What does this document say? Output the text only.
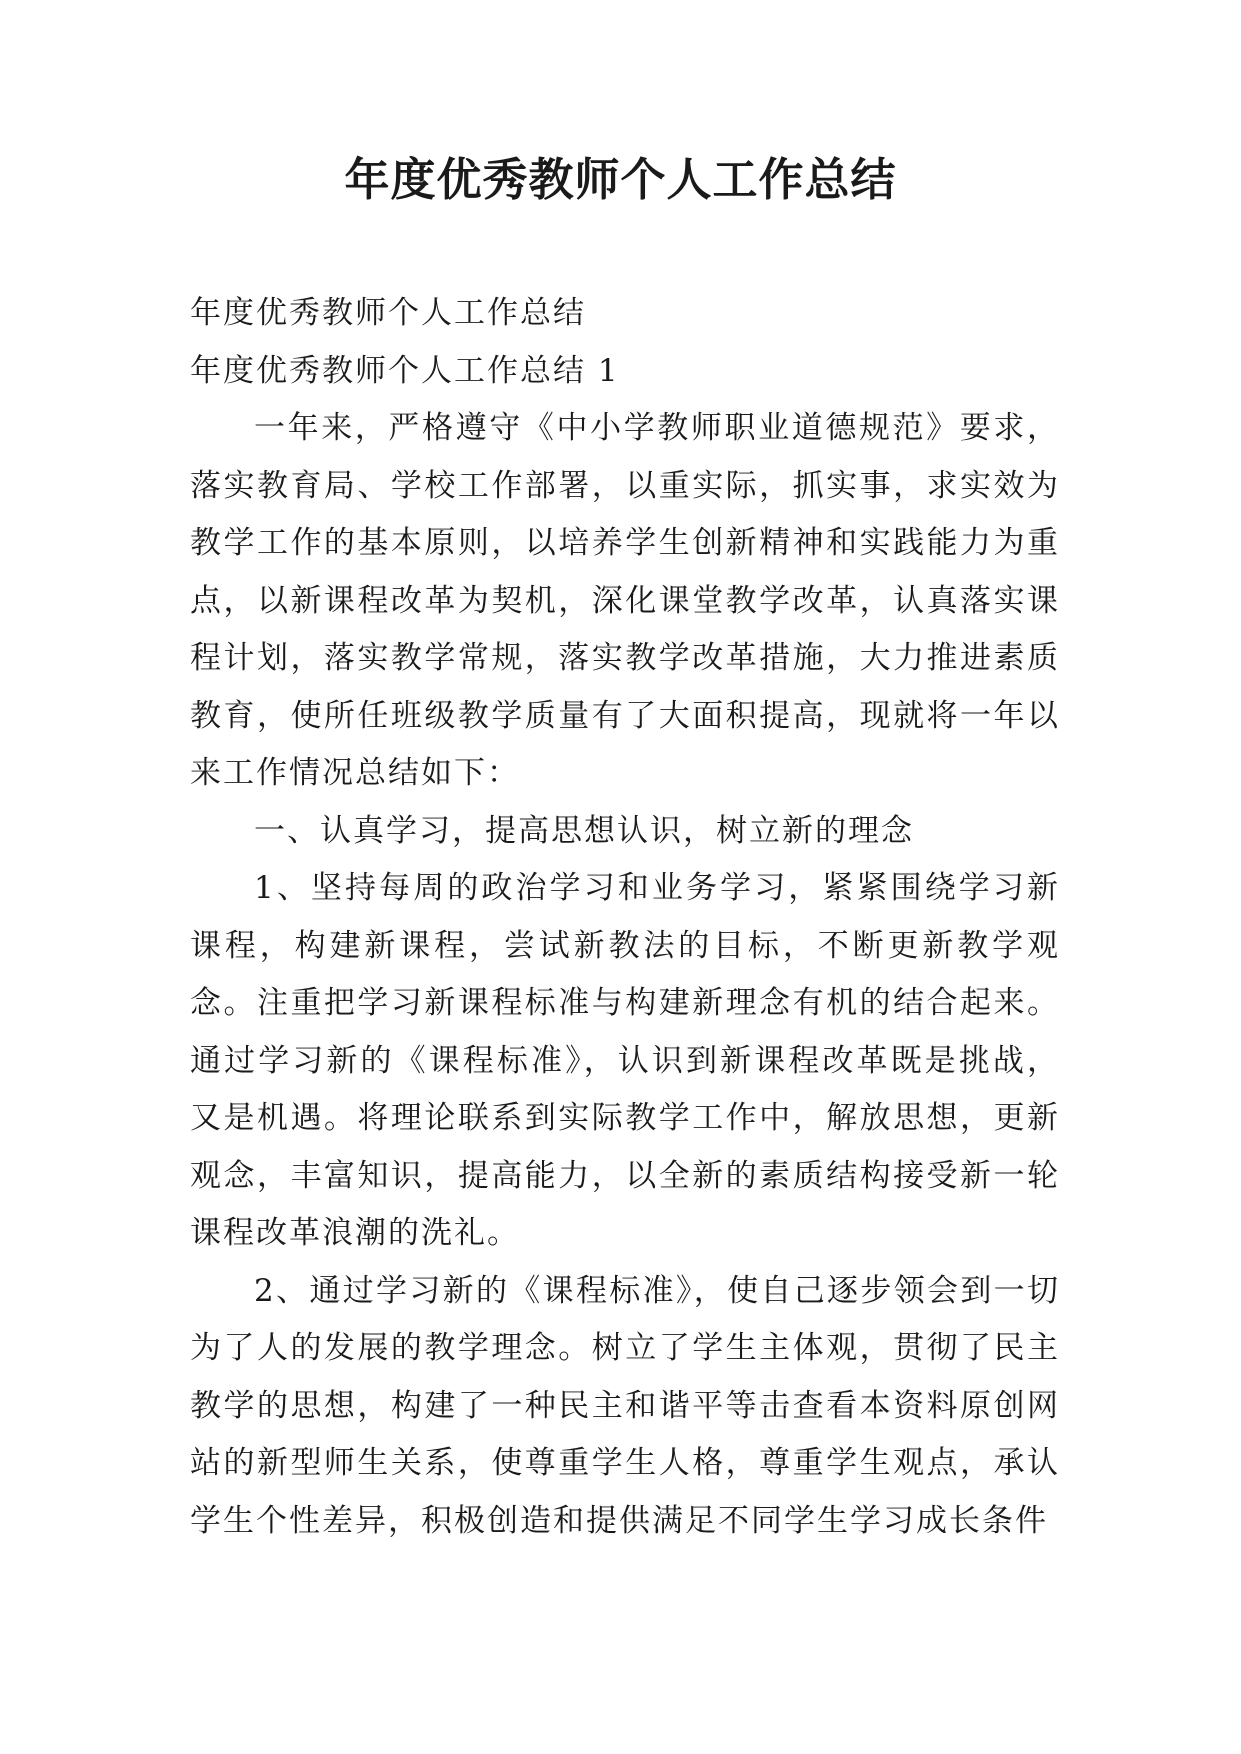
年度优秀教师个人工作总结

年度优秀教师个人工作总结

年度优秀教师个人工作总结 1

一年来，严格遵守《中小学教师职业道德规范》要求，落实教育局、学校工作部署，以重实际，抓实事，求实效为教学工作的基本原则，以培养学生创新精神和实践能力为重点，以新课程改革为契机，深化课堂教学改革，认真落实课程计划，落实教学常规，落实教学改革措施，大力推进素质教育，使所任班级教学质量有了大面积提高，现就将一年以来工作情况总结如下：

一、认真学习，提高思想认识，树立新的理念

1、坚持每周的政治学习和业务学习，紧紧围绕学习新课程，构建新课程，尝试新教法的目标，不断更新教学观念。注重把学习新课程标准与构建新理念有机的结合起来。通过学习新的《课程标准》，认识到新课程改革既是挑战，又是机遇。将理论联系到实际教学工作中，解放思想，更新观念，丰富知识，提高能力，以全新的素质结构接受新一轮课程改革浪潮的洗礼。

2、通过学习新的《课程标准》，使自己逐步领会到一切为了人的发展的教学理念。树立了学生主体观，贯彻了民主教学的思想，构建了一种民主和谐平等击查看本资料原创网站的新型师生关系，使尊重学生人格，尊重学生观点，承认学生个性差异，积极创造和提供满足不同学生学习成长条件
